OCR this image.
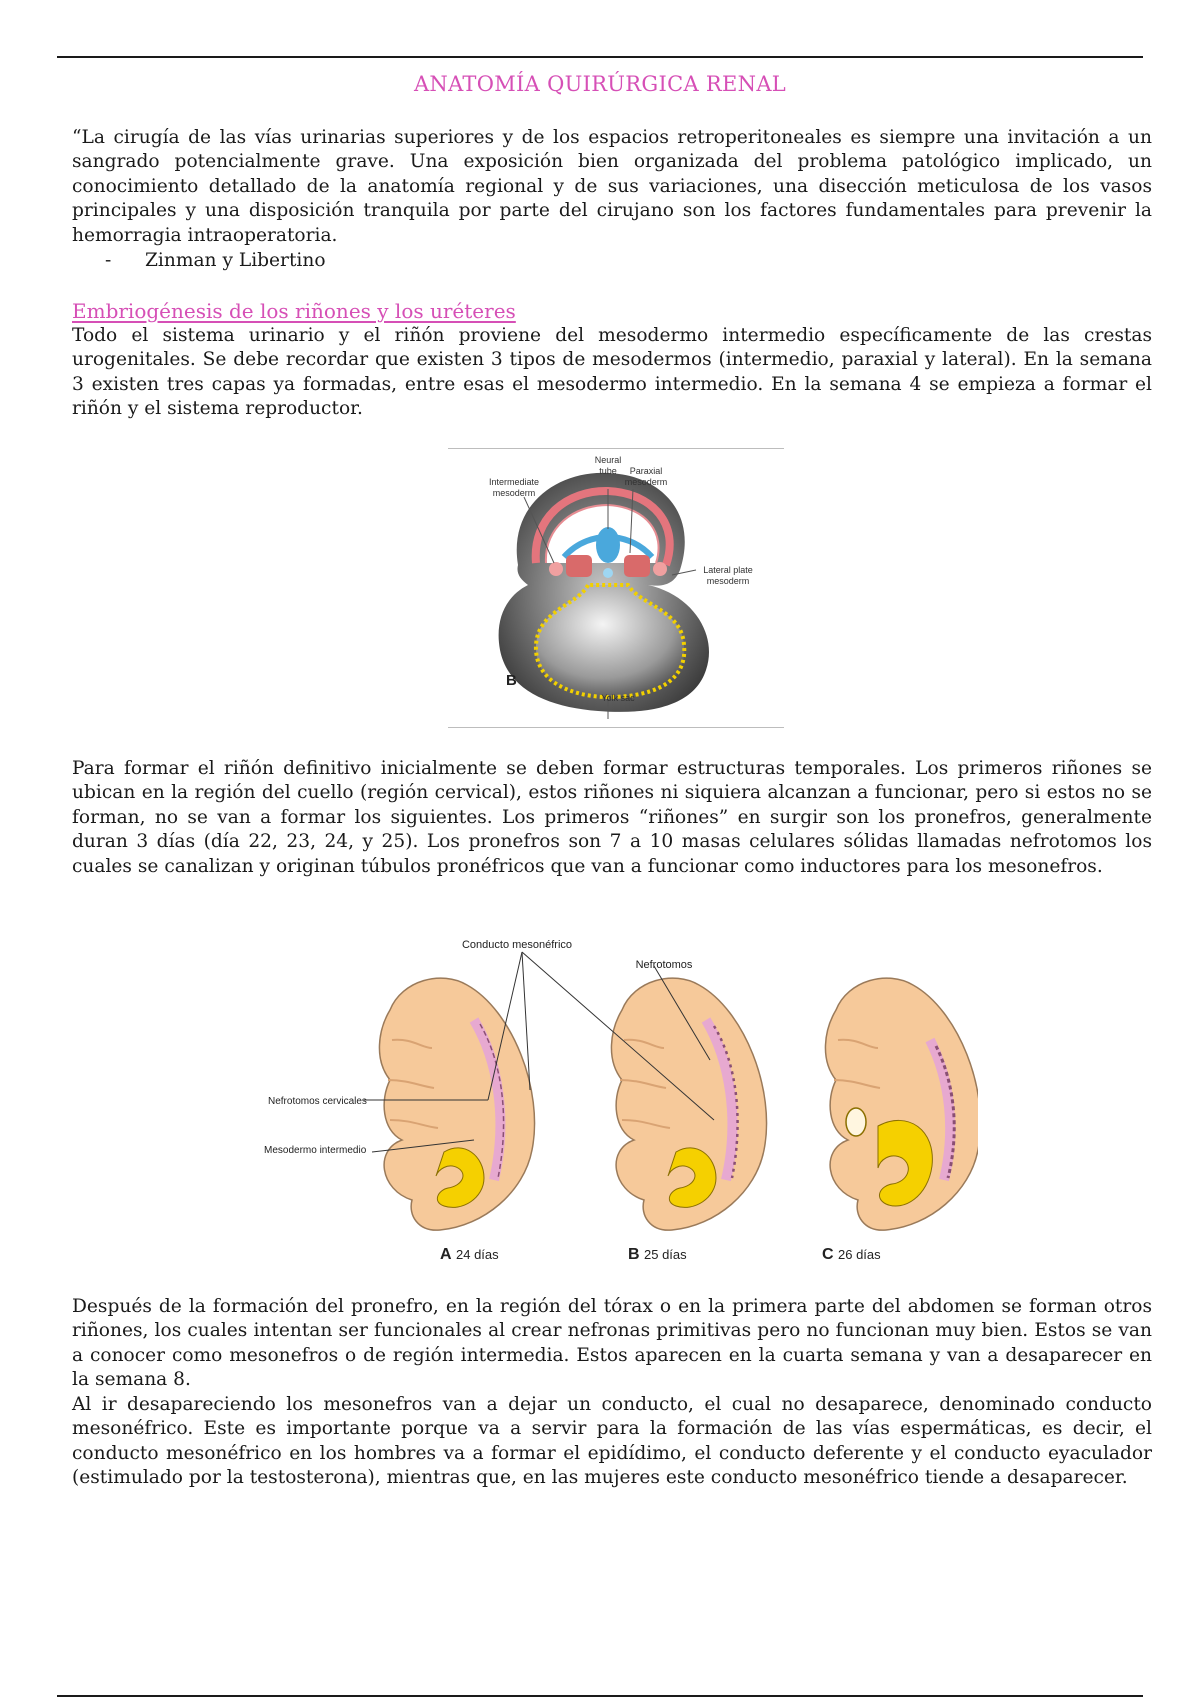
ANATOMÍA QUIRÚRGICA RENAL
“La cirugía de las vías urinarias superiores y de los espacios retroperitoneales es siempre una invitación a un sangrado potencialmente grave. Una exposición bien organizada del problema patológico implicado, un conocimiento detallado de la anatomía regional y de sus variaciones, una disección meticulosa de los vasos principales y una disposición tranquila por parte del cirujano son los factores fundamentales para prevenir la hemorragia intraoperatoria.
- Zinman y Libertino
Embriogénesis de los riñones y los uréteres
Todo el sistema urinario y el riñón proviene del mesodermo intermedio específicamente de las crestas urogenitales. Se debe recordar que existen 3 tipos de mesodermos (intermedio, paraxial y lateral). En la semana 3 existen tres capas ya formadas, entre esas el mesodermo intermedio. En la semana 4 se empieza a formar el riñón y el sistema reproductor.
Neural
tube Paraxial
mesoderm
Intermediate
mesoderm
Lateral plate
mesoderm
B
Yolk sac
Para formar el riñón definitivo inicialmente se deben formar estructuras temporales. Los primeros riñones se ubican en la región del cuello (región cervical), estos riñones ni siquiera alcanzan a funcionar, pero si estos no se forman, no se van a formar los siguientes. Los primeros “riñones” en surgir son los pronefros, generalmente duran 3 días (día 22, 23, 24, y 25). Los pronefros son 7 a 10 masas celulares sólidas llamadas nefrotomos los cuales se canalizan y originan túbulos pronéfricos que van a funcionar como inductores para los mesonefros.
Conducto mesonéfrico
Nefrotomos
Nefrotomos cervicales
Mesodermo intermedio
A 24 días	B 25 días	C 26 días
Después de la formación del pronefro, en la región del tórax o en la primera parte del abdomen se forman otros riñones, los cuales intentan ser funcionales al crear nefronas primitivas pero no funcionan muy bien. Estos se van a conocer como mesonefros o de región intermedia. Estos aparecen en la cuarta semana y van a desaparecer en la semana 8.
Al ir desapareciendo los mesonefros van a dejar un conducto, el cual no desaparece, denominado conducto mesonéfrico. Este es importante porque va a servir para la formación de las vías espermáticas, es decir, el conducto mesonéfrico en los hombres va a formar el epidídimo, el conducto deferente y el conducto eyaculador (estimulado por la testosterona), mientras que, en las mujeres este conducto mesonéfrico tiende a desaparecer.
